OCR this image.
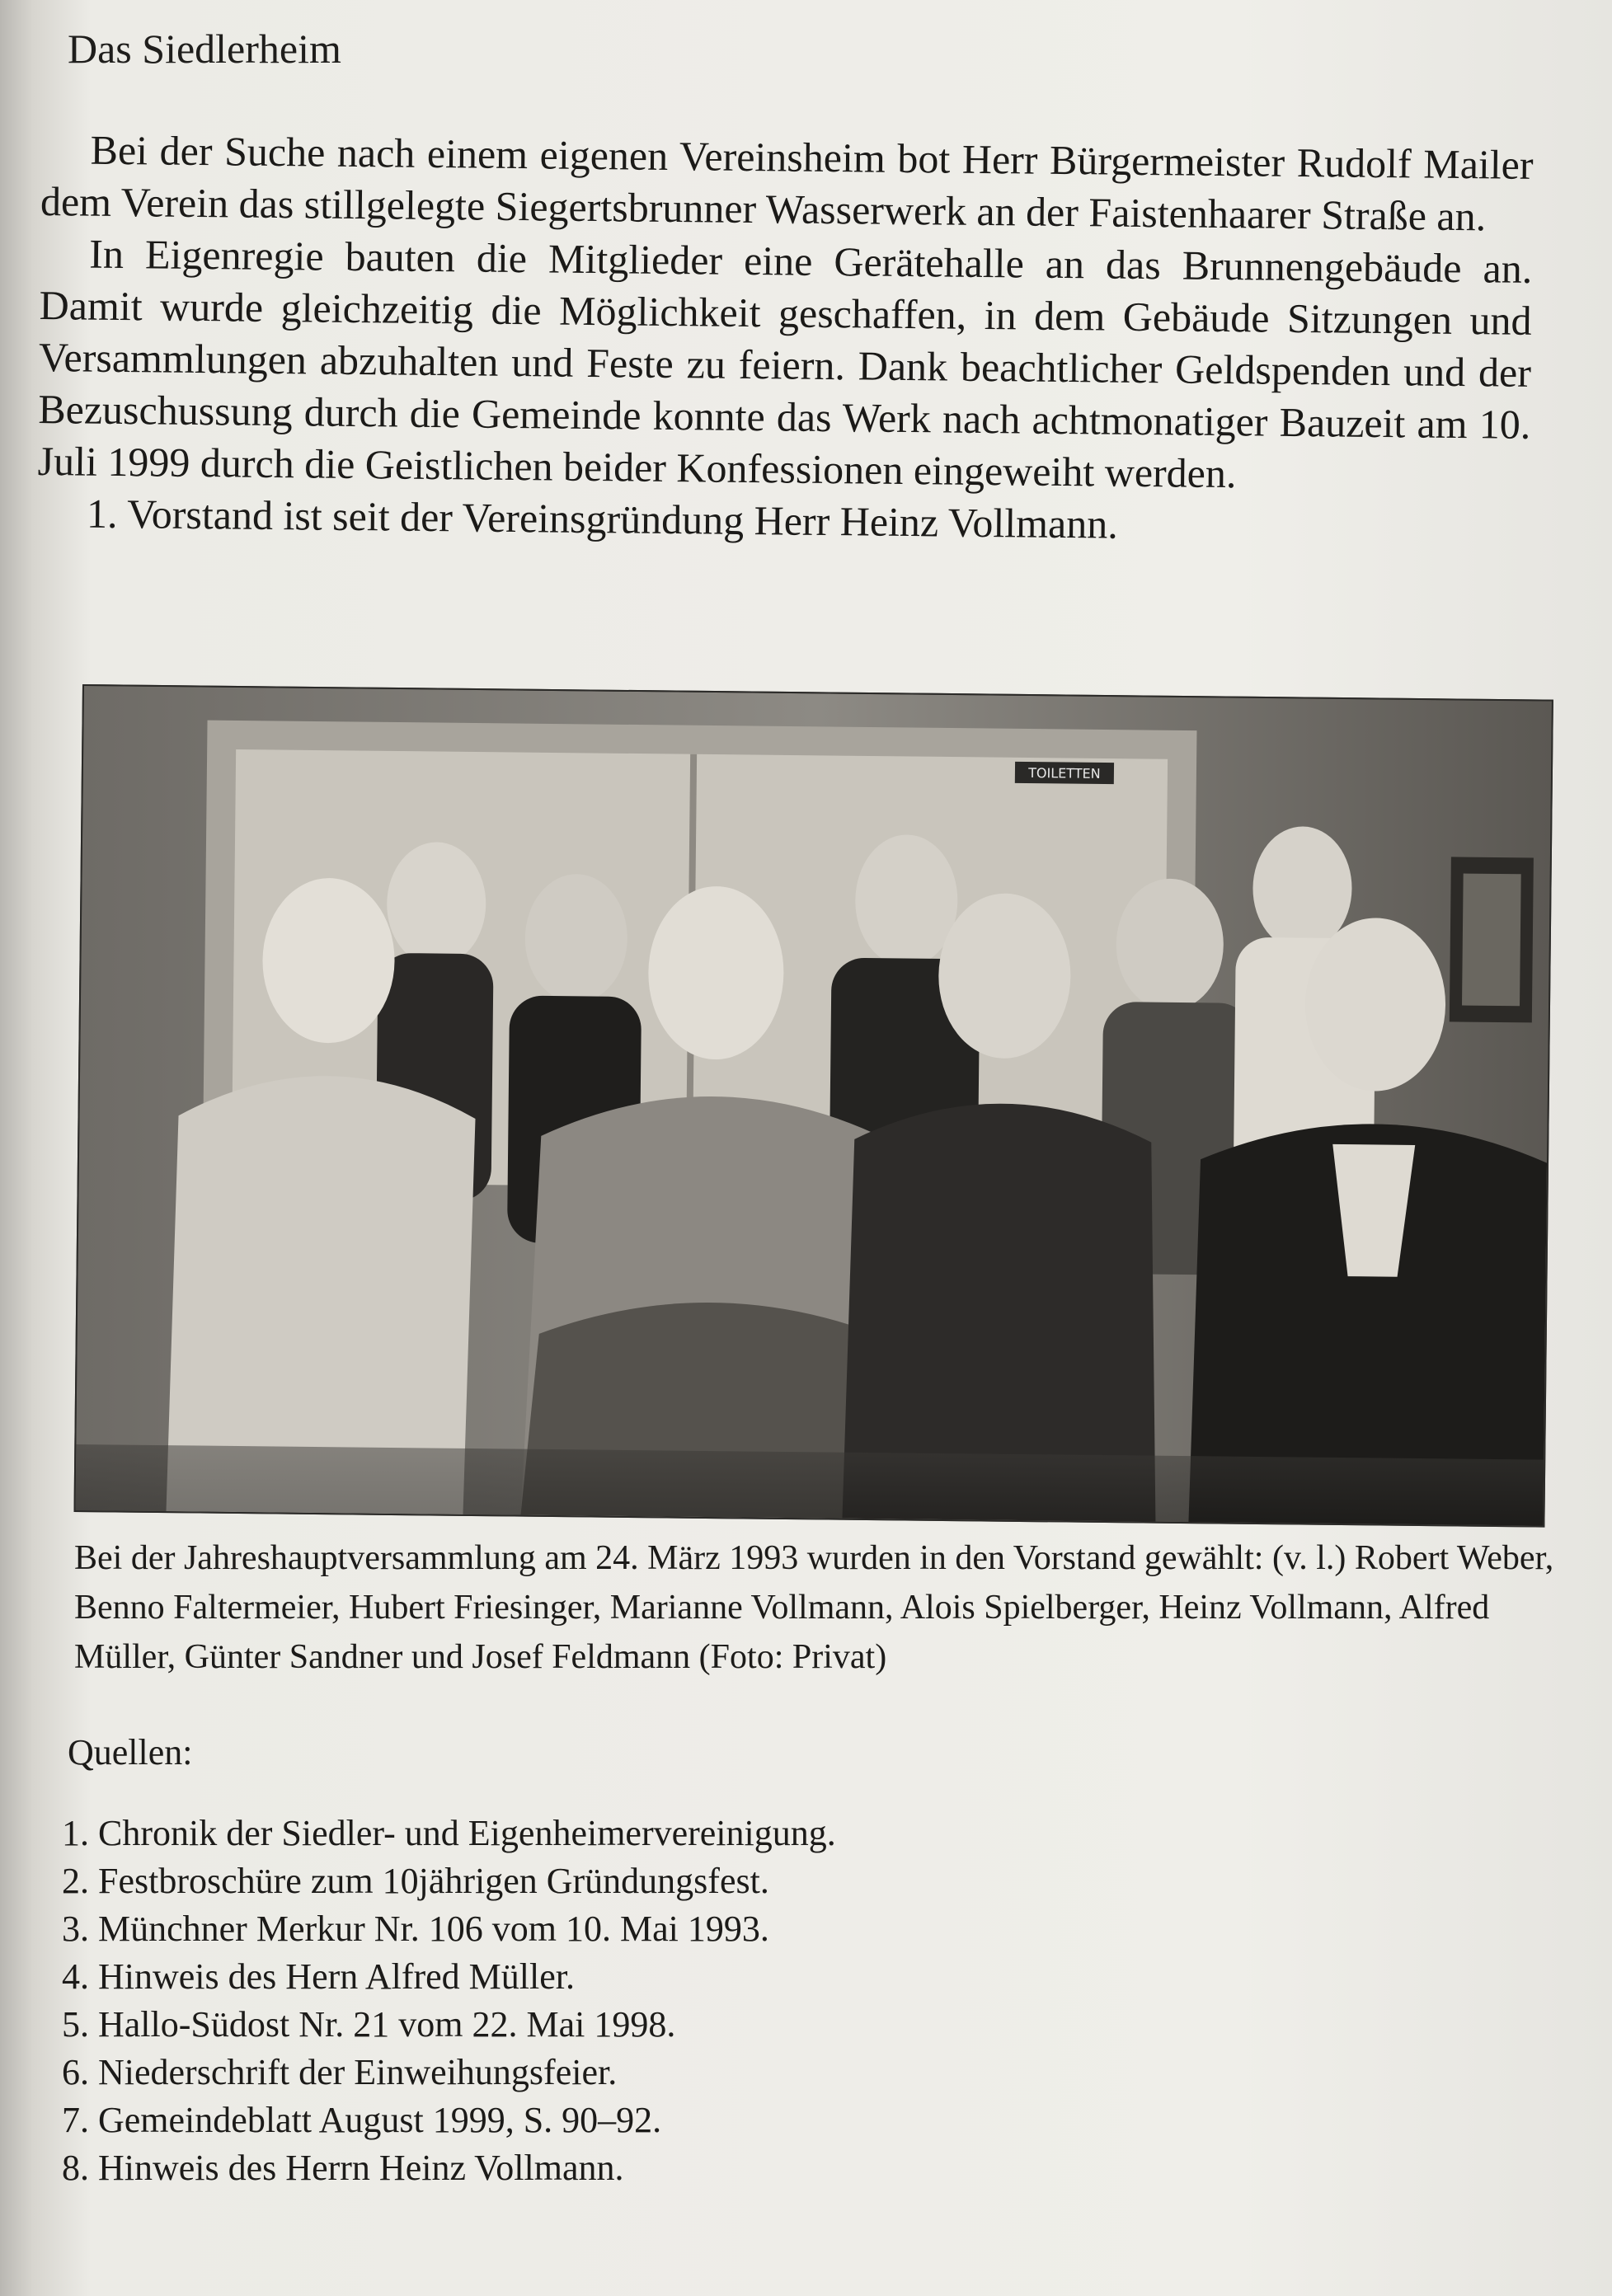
Das Siedlerheim

Bei der Suche nach einem eigenen Vereinsheim bot Herr Bürgermeister Rudolf Mailer dem Verein das stillgelegte Siegertsbrunner Wasserwerk an der Faistenhaarer Straße an.

In Eigenregie bauten die Mitglieder eine Gerätehalle an das Brunnengebäude an. Damit wurde gleichzeitig die Möglichkeit geschaffen, in dem Gebäude Sitzungen und Versammlungen abzuhalten und Feste zu feiern. Dank beachtlicher Geldspenden und der Bezuschussung durch die Gemeinde konnte das Werk nach achtmonatiger Bauzeit am 10. Juli 1999 durch die Geistlichen beider Konfessionen eingeweiht werden.

1. Vorstand ist seit der Vereinsgründung Herr Heinz Vollmann.

TOILETTEN
Bei der Jahreshauptversammlung am 24. März 1993 wurden in den Vorstand gewählt: (v. l.) Robert Weber, Benno Faltermeier, Hubert Friesinger, Marianne Vollmann, Alois Spielberger, Heinz Vollmann, Alfred Müller, Günter Sandner und Josef Feldmann (Foto: Privat)
Quellen:
1. Chronik der Siedler- und Eigenheimervereinigung.
2. Festbroschüre zum 10jährigen Gründungsfest.
3. Münchner Merkur Nr. 106 vom 10. Mai 1993.
4. Hinweis des Hern Alfred Müller.
5. Hallo-Südost Nr. 21 vom 22. Mai 1998.
6. Niederschrift der Einweihungsfeier.
7. Gemeindeblatt August 1999, S. 90–92.
8. Hinweis des Herrn Heinz Vollmann.
